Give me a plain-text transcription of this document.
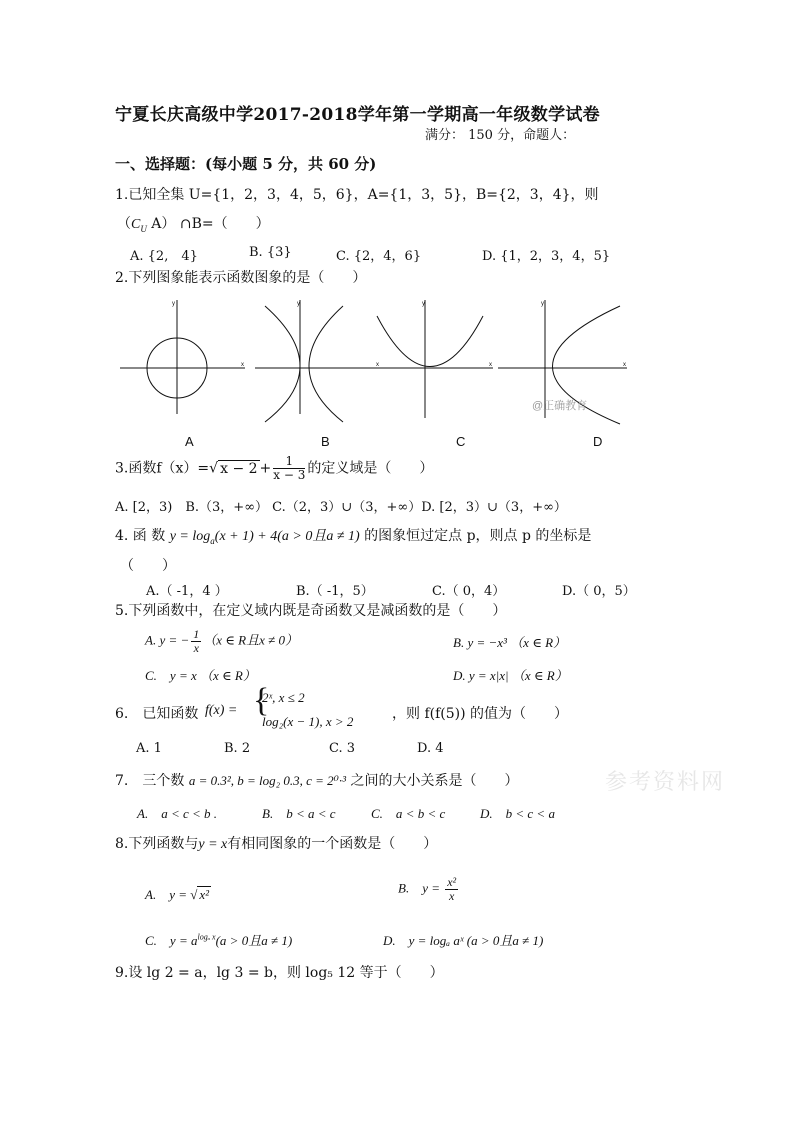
宁夏长庆高级中学2017-2018学年第一学期高一年级数学试卷
满分： 150 分，命题人：
一、选择题：(每小题 5 分，共 60 分)
1.已知全集 U={1，2，3，4，5，6}，A={1，3，5}，B={2，3，4}，则
（$C_U$ A） ∩B=（　　）
A. {2,　4}	B. {3}	C. {2，4，6}	D. {1，2，3，4，5}
2.下列图象能表示函数图象的是（　　）
y
x
y
x
y
x
y
x
@正确教育
A	B	C	D
3.函数f（x）=√ $x - 2 + \frac{1}{x - 3}$ 的定义域是（　　）
A. [2，3)　B.（3，+∞） C.（2，3）∪（3，+∞）D. [2，3）∪（3，+∞）
4. 函 数 $y = \log_a(x + 1) + 4(a > 0$且a ≠ 1) 的图象恒过定点 p，则点 p 的坐标是
（　　）
A.（ -1，4 ）	B.（ -1，5）	C.（ 0，4）	D.（ 0，5）
5.下列函数中，在定义域内既是奇函数又是减函数的是（　　）
A. y = − $\frac{1}{x} (x$ ∈ R且x ≠ 0）	B. y = −x³ （x ∈ R）
C.　y = x （x ∈ R）	D. y = x|x| （x ∈ R）
6.　已知函数 f(x) = {
2ˣ, x ≤ 2
log₂(x − 1), x > 2	，则 f(f(5)) 的值为（　　）
A. 1	B. 2	C. 3	D. 4
7.　三个数 a = 0.3², b = log₂ 0.3, c = 2⁰·³ 之间的大小关系是（　　）	参考资料网
A.　a < c < b .	B.　b < a < c	C.　a < b < c	D.　b < c < a
8.下列函数与y = x有相同图象的一个函数是（　　）
A.　y = √ x²	B.　$y = \frac{\text{x²}}{x}$
C.　$y = a^{log_a x}(a > 0$且a ≠ 1)	D.　y = logₐ aˣ (a > 0且a ≠ 1)
9.设 lg 2 = a，lg 3 = b，则 log₅ 12 等于（　　）
